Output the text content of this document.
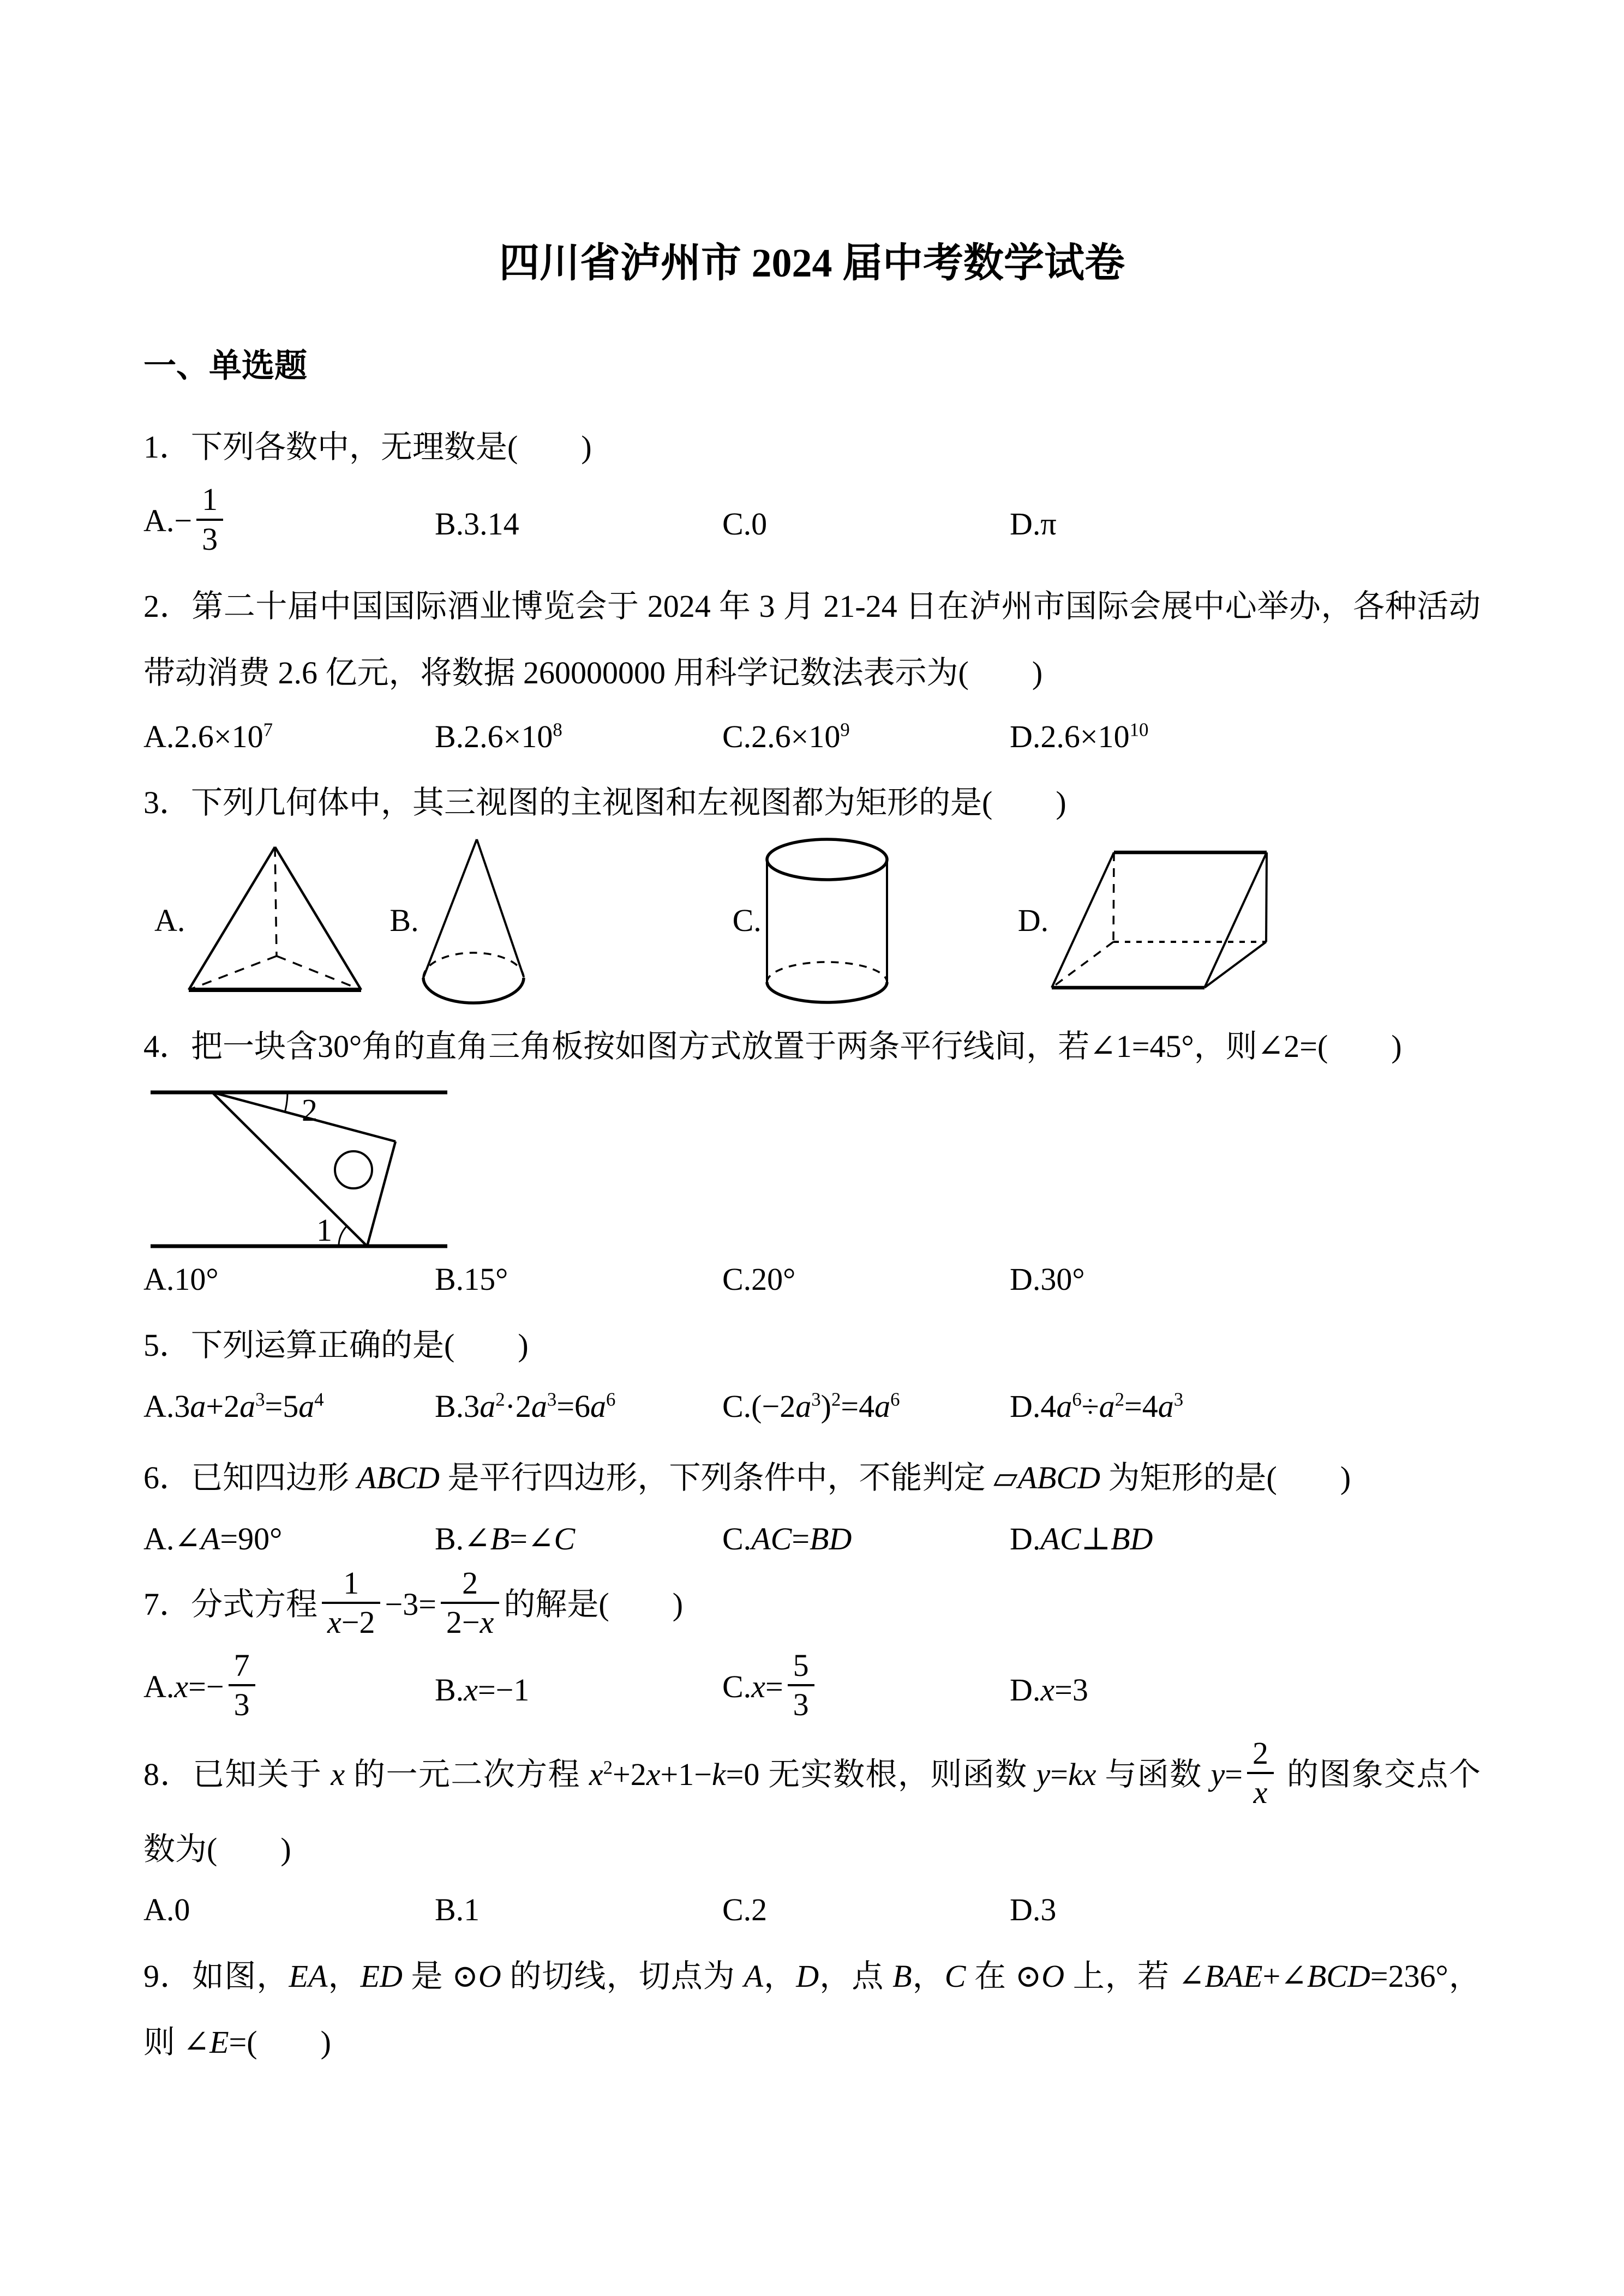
四川省泸州市 2024 届中考数学试卷
一、单选题

1．下列各数中，无理数是(　　)

$A.- \frac{1}{3}$	B.3.14	C.0	D.π

2．第二十届中国国际酒业博览会于 2024 年 3 月 21-24 日在泸州市国际会展中心举办，各种活动带动消费 2.6 亿元，将数据 260000000 用科学记数法表示为(　　)

$A.2.6\times 10^7$	$B.2.6\times 10^8$	$C.2.6\times 10^9$	$D.2.6\times 10^{10}$

3．下列几何体中，其三视图的主视图和左视图都为矩形的是(　　)

A.	B.	C.	D.

4．把一块含30°角的直角三角板按如图方式放置于两条平行线间，若∠1=45°，则∠2=(　　)

2
1
A.10°	B.15°	C.20°	D.30°

5．下列运算正确的是(　　)

$A.3a+2a^3=5a^4$	$B.3a^2\cdot 2a^3=6a^6$	$C.(-2a^3)^2=4a^6$	$D.4a^6\div a^2=4a^3$

6．已知四边形 ABCD 是平行四边形，下列条件中，不能判定 ▱ABCD 为矩形的是(　　)

A.∠A=90°	B.∠B=∠C	C.AC=BD	D.AC⊥BD

7．分式方程 $\frac{1}{x-2} -3= \frac{2}{2-x}$ 的解是(　　)

$A.x=- \frac{7}{3}$	B.x=−1	$C.x= \frac{5}{3}$	D.x=3

8．已知关于 x 的一元二次方程 $x^2+2x+1-k=0$ 无实数根，则函数 y=kx 与函数 $y= \frac{2}{x}$ 的图象交点个数为(　　)

A.0	B.1	C.2	D.3

9．如图，EA，ED 是 ⊙O 的切线，切点为 A，D，点 B，C 在 ⊙O 上，若 ∠BAE+∠BCD=236°，则 ∠E=(　　)
